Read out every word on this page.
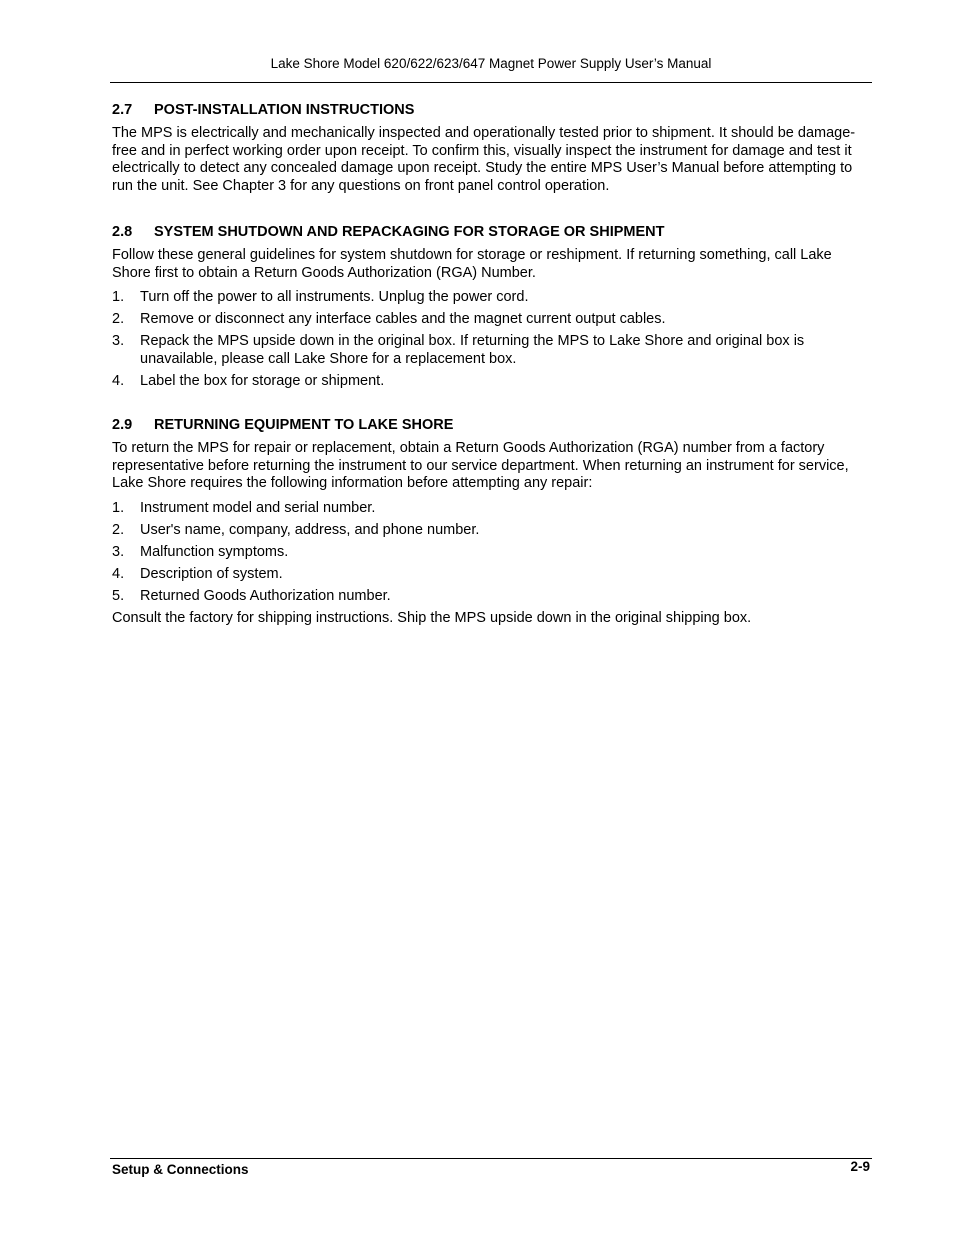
Lake Shore Model 620/622/623/647 Magnet Power Supply User’s Manual
2.7	POST-INSTALLATION INSTRUCTIONS

The MPS is electrically and mechanically inspected and operationally tested prior to shipment. It should be damage-free and in perfect working order upon receipt. To confirm this, visually inspect the instrument for damage and test it electrically to detect any concealed damage upon receipt. Study the entire MPS User’s Manual before attempting to run the unit. See Chapter 3 for any questions on front panel control operation.

2.8	SYSTEM SHUTDOWN AND REPACKAGING FOR STORAGE OR SHIPMENT

Follow these general guidelines for system shutdown for storage or reshipment. If returning something, call Lake Shore first to obtain a Return Goods Authorization (RGA) Number.

1.	Turn off the power to all instruments. Unplug the power cord.
2.	Remove or disconnect any interface cables and the magnet current output cables.
3.	Repack the MPS upside down in the original box. If returning the MPS to Lake Shore and original box is unavailable, please call Lake Shore for a replacement box.
4.	Label the box for storage or shipment.
2.9	RETURNING EQUIPMENT TO LAKE SHORE

To return the MPS for repair or replacement, obtain a Return Goods Authorization (RGA) number from a factory representative before returning the instrument to our service department. When returning an instrument for service, Lake Shore requires the following information before attempting any repair:

1.	Instrument model and serial number.
2.	User's name, company, address, and phone number.
3.	Malfunction symptoms.
4.	Description of system.
5.	Returned Goods Authorization number.

Consult the factory for shipping instructions. Ship the MPS upside down in the original shipping box.

Setup & Connections	2-9
